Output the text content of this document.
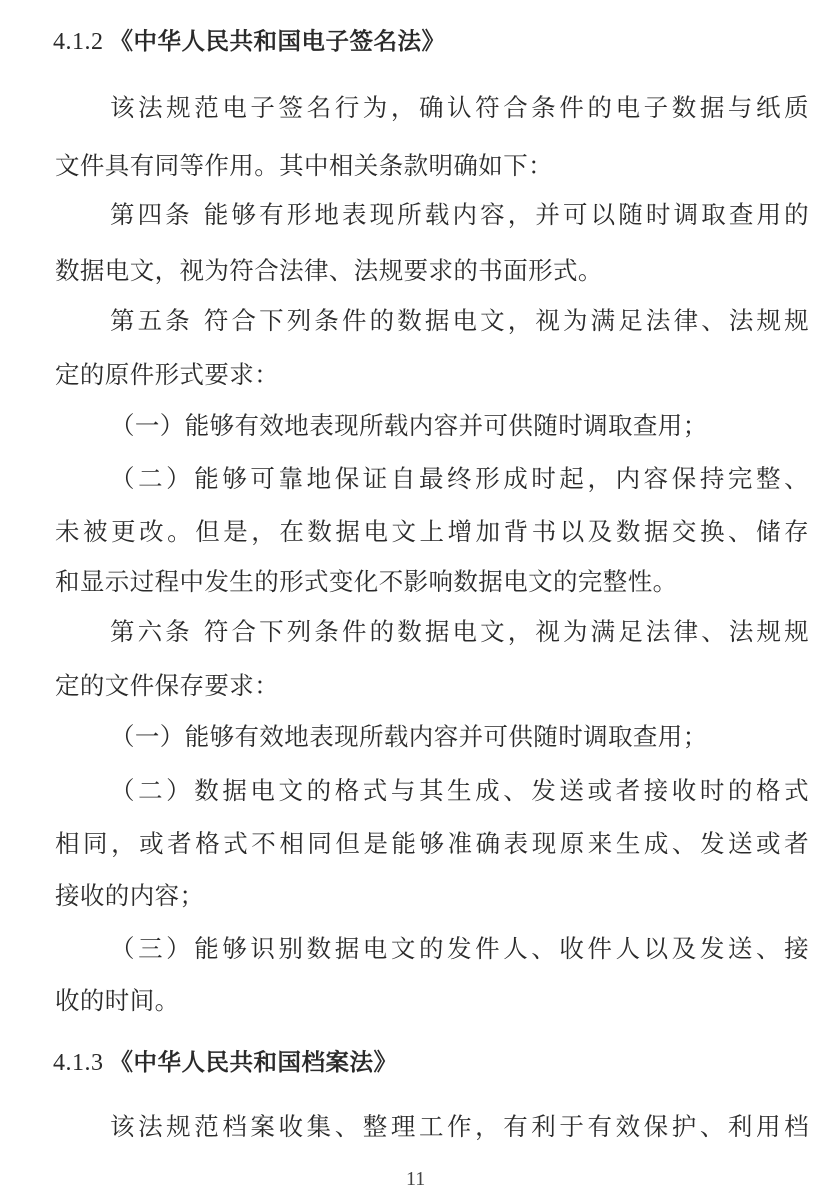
4.1.2 《中华人民共和国电子签名法》
该法规范电子签名行为，确认符合条件的电子数据与纸质
文件具有同等作用。其中相关条款明确如下：
第四条 能够有形地表现所载内容，并可以随时调取查用的
数据电文，视为符合法律、法规要求的书面形式。
第五条 符合下列条件的数据电文，视为满足法律、法规规
定的原件形式要求：
（一）能够有效地表现所载内容并可供随时调取查用；
（二）能够可靠地保证自最终形成时起，内容保持完整、
未被更改。但是，在数据电文上增加背书以及数据交换、储存
和显示过程中发生的形式变化不影响数据电文的完整性。
第六条 符合下列条件的数据电文，视为满足法律、法规规
定的文件保存要求：
（一）能够有效地表现所载内容并可供随时调取查用；
（二）数据电文的格式与其生成、发送或者接收时的格式
相同，或者格式不相同但是能够准确表现原来生成、发送或者
接收的内容；
（三）能够识别数据电文的发件人、收件人以及发送、接
收的时间。
4.1.3 《中华人民共和国档案法》
该法规范档案收集、整理工作，有利于有效保护、利用档
11
